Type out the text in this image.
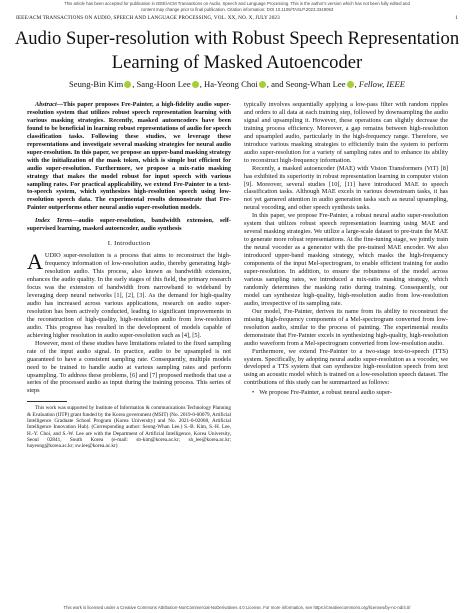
This article has been accepted for publication in IEEE/ACM Transactions on Audio, Speech and Language Processing. This is the author's version which has not been fully edited and content may change prior to final publication. Citation information: DOI 10.1109/TASLP.2023.3349053
IEEE/ACM TRANSACTIONS ON AUDIO, SPEECH AND LANGUAGE PROCESSING, VOL. XX, NO. X, JULY 2023	1
Audio Super-resolution with Robust Speech Representation Learning of Masked Autoencoder
Seung-Bin Kim , Sang-Hoon Lee , Ha-Yeong Choi , and Seong-Whan Lee , Fellow, IEEE

Abstract—This paper proposes Fre-Painter, a high-fidelity audio super-resolution system that utilizes robust speech representation learning with various masking strategies. Recently, masked autoencoders have been found to be beneficial in learning robust representations of audio for speech classification tasks. Following these studies, we leverage these representations and investigate several masking strategies for neural audio super-resolution. In this paper, we propose an upper-band masking strategy with the initialization of the mask token, which is simple but efficient for audio super-resolution. Furthermore, we propose a mix-ratio masking strategy that makes the model robust for input speech with various sampling rates. For practical applicability, we extend Fre-Painter to a text-to-speech system, which synthesizes high-resolution speech using low-resolution speech data. The experimental results demonstrate that Fre-Painter outperforms other neural audio super-resolution models.

Index Terms—audio super-resolution, bandwidth extension, self-supervised learning, masked autoencoder, audio synthesis

I. Introduction

AUDIO super-resolution is a process that aims to reconstruct the high-frequency information of low-resolution audio, thereby generating high-resolution audio. This process, also known as bandwidth extension, enhances the audio quality. In the early stages of this field, the primary research focus was the extension of bandwidth from narrowband to wideband by leveraging deep neural networks [1], [2], [3]. As the demand for high-quality audio has increased across various applications, research on audio super-resolution has been actively conducted, leading to significant improvements in the reconstruction of high-quality, high-resolution audio from low-resolution audio. This progress has resulted in the development of models capable of achieving higher resolution in audio super-resolution such as [4], [5].

However, most of these studies have limitations related to the fixed sampling rate of the input audio signal. In practice, audio to be upsampled is not guaranteed to have a consistent sampling rate. Consequently, multiple models need to be trained to handle audio at various sampling rates and perform upsampling. To address these problems, [6] and [7] proposed methods that use a series of the processed audio as input during the training process. This series of steps

This work was supported by Institute of Information & communications Technology Planning & Evaluation (IITP) grant funded by the Korea government (MSIT) (No. 2019-0-00079, Artificial Intelligence Graduate School Program (Korea University) and No. 2021-0-02068, Artificial Intelligence Innovation Hub). (Corresponding author: Seong-Whan Lee.) S.-B. Kim, S.-H. Lee, H.-Y. Choi, and S.-W. Lee are with the Department of Artificial Intelligence, Korea University, Seoul 02841, South Korea (e-mail: sb-kim@korea.ac.kr; sh_lee@korea.ac.kr; hayeong@korea.ac.kr; sw.lee@korea.ac.kr)

typically involves sequentially applying a low-pass filter with random ripples and orders to all data at each training step, followed by downsampling the audio signal and upsampling it. However, these operations can slightly decrease the training process efficiency. Moreover, a gap remains between high-resolution and upsampled audio, particularly in the high-frequency range. Therefore, we introduce various masking strategies to efficiently train the system to perform audio super-resolution for a variety of sampling rates and to enhance its ability to reconstruct high-frequency information.

Recently, a masked autoencoder (MAE) with Vision Transformers (ViT) [8] has exhibited its superiority in robust representation learning in computer vision [9]. Moreover, several studies [10], [11] have introduced MAE to speech classification tasks. Although MAE excels in various downstream tasks, it has not yet garnered attention in audio generation tasks such as neural upsampling, neural vocoding, and other speech synthesis tasks.

In this paper, we propose Fre-Painter, a robust neural audio super-resolution system that utilizes robust speech representation learning using MAE and several masking strategies. We utilize a large-scale dataset to pre-train the MAE to generate more robust representations. At the fine-tuning stage, we jointly train the neural vocoder as a generator with the pre-trained MAE encoder. We also introduced upper-band masking strategy, which masks the high-frequency components of the input Mel-spectrogram, to enable efficient training for audio super-resolution. In addition, to ensure the robustness of the model across various sampling rates, we introduced a mix-ratio masking strategy, which randomly determines the masking ratio during training. Consequently, our model can synthesize high-quality, high-resolution audio from low-resolution audio, irrespective of its sampling rate.

Our model, Fre-Painter, derives its name from its ability to reconstruct the missing high-frequency components of a Mel-spectrogram converted from low-resolution audio, similar to the process of painting. The experimental results demonstrate that Fre-Painter excels in synthesizing high-quality, high-resolution audio waveform from a Mel-spectrogram converted from low-resolution audio.

Furthermore, we extend Fre-Painter to a two-stage text-to-speech (TTS) system. Specifically, by adopting neural audio super-resolution as a vocoder, we developed a TTS system that can synthesize high-resolution speech from text using an acoustic model which is trained on a low-resolution speech dataset. The contributions of this study can be summarized as follows:

• We propose Fre-Painter, a robust neural audio super-
This work is licensed under a Creative Commons Attribution-NonCommercial-NoDerivatives 4.0 License. For more information, see https://creativecommons.org/licenses/by-nc-nd/4.0/
